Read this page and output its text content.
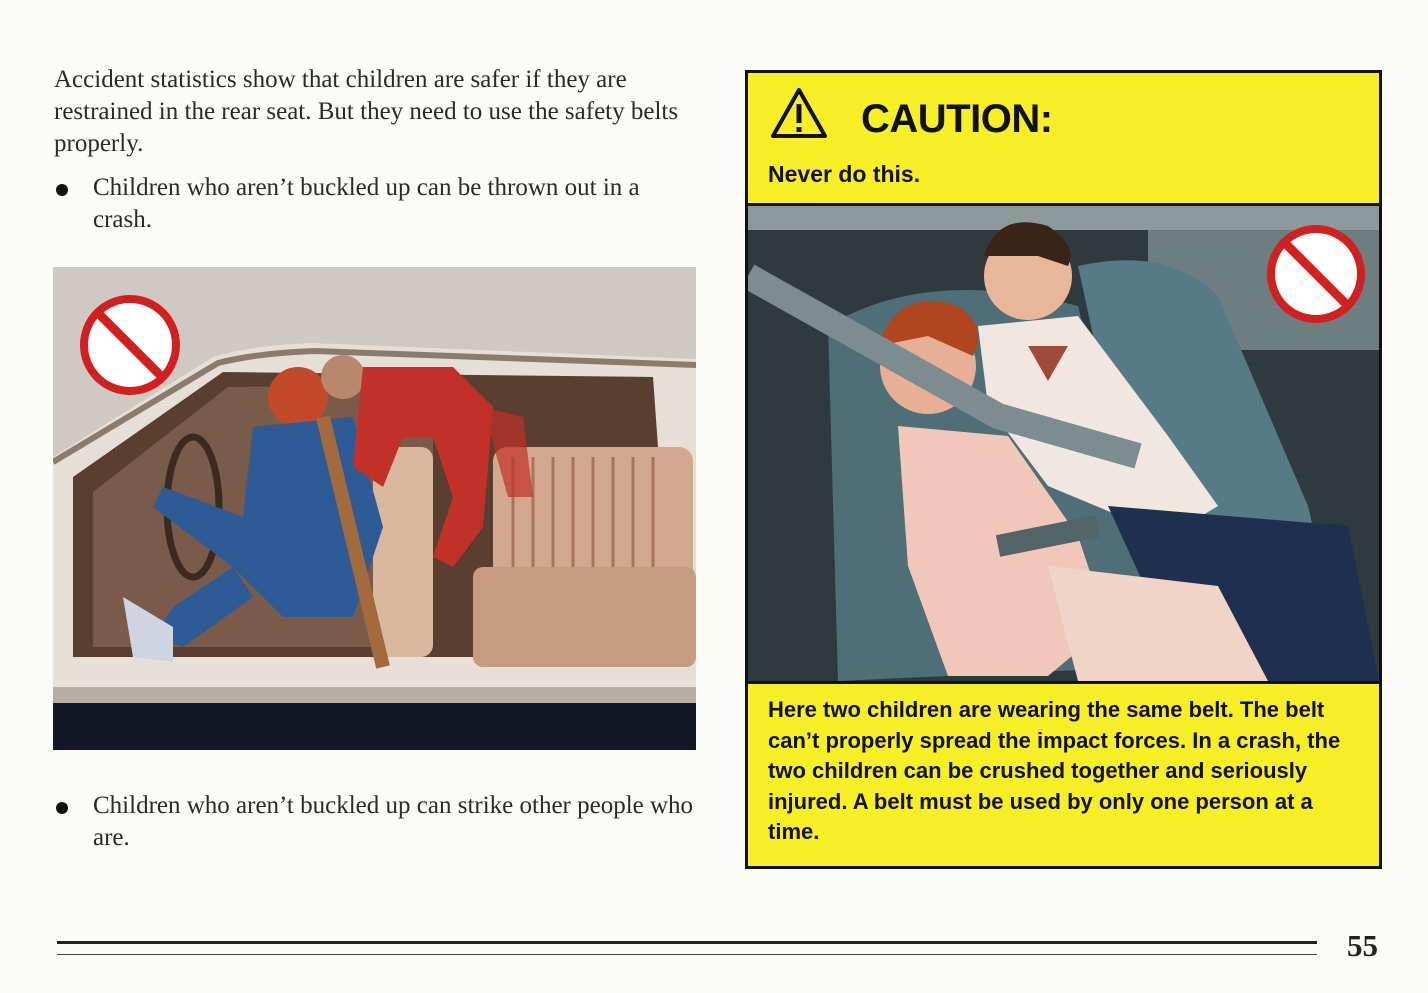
Accident statistics show that children are safer if they are restrained in the rear seat. But they need to use the safety belts properly.

Children who aren’t buckled up can be thrown out in a crash.
Children who aren’t buckled up can strike other people who are.
CAUTION:
Never do this.

Here two children are wearing the same belt. The belt can’t properly spread the impact forces. In a crash, the two children can be crushed together and seriously injured. A belt must be used by only one person at a time.

55
